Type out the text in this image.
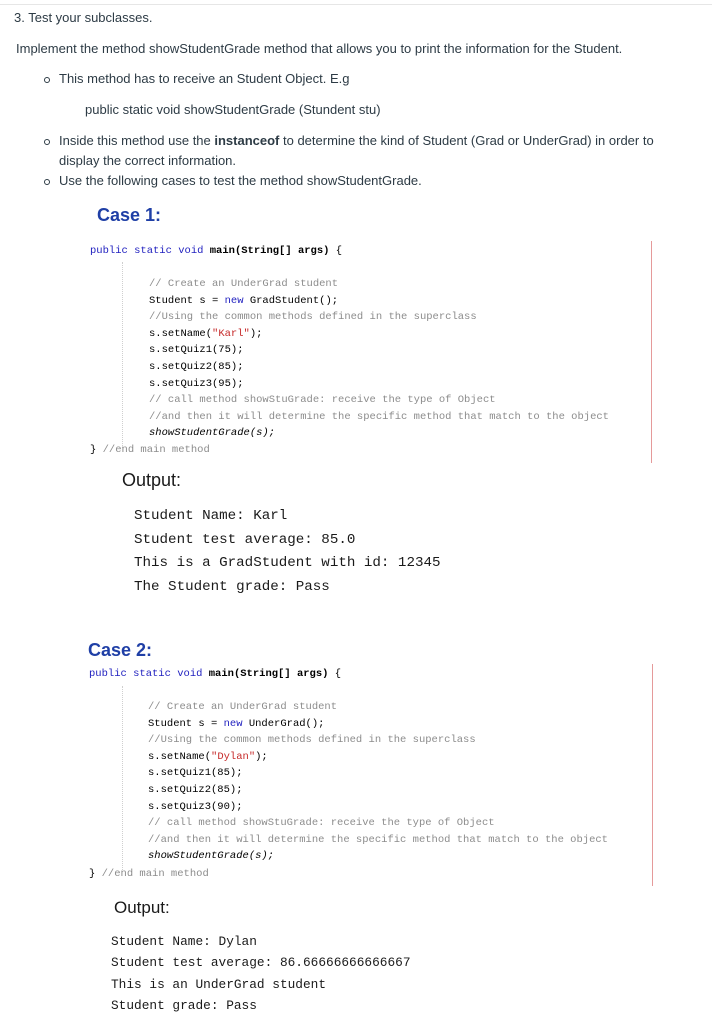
3. Test your subclasses.
Implement the method showStudentGrade method that allows you to print the information for the Student.
This method has to receive an Student Object. E.g
public static void showStudentGrade (Stundent stu)
Inside this method use the instanceof to determine the kind of Student (Grad or UnderGrad) in order to
display the correct information.
Use the following cases to test the method showStudentGrade.
Case 1:
public static void main(String[] args) {
// Create an UnderGrad student
Student s = new GradStudent();
//Using the common methods defined in the superclass
s.setName("Karl");
s.setQuiz1(75);
s.setQuiz2(85);
s.setQuiz3(95);
// call method showStuGrade: receive the type of Object
//and then it will determine the specific method that match to the object
showStudentGrade(s);
} //end main method
Output:
Student Name: Karl
Student test average: 85.0
This is a GradStudent with id: 12345
The Student grade: Pass
Case 2:
public static void main(String[] args) {
// Create an UnderGrad student
Student s = new UnderGrad();
//Using the common methods defined in the superclass
s.setName("Dylan");
s.setQuiz1(85);
s.setQuiz2(85);
s.setQuiz3(90);
// call method showStuGrade: receive the type of Object
//and then it will determine the specific method that match to the object
showStudentGrade(s);
} //end main method
Output:
Student Name: Dylan
Student test average: 86.66666666666667
This is an UnderGrad student
Student grade: Pass
